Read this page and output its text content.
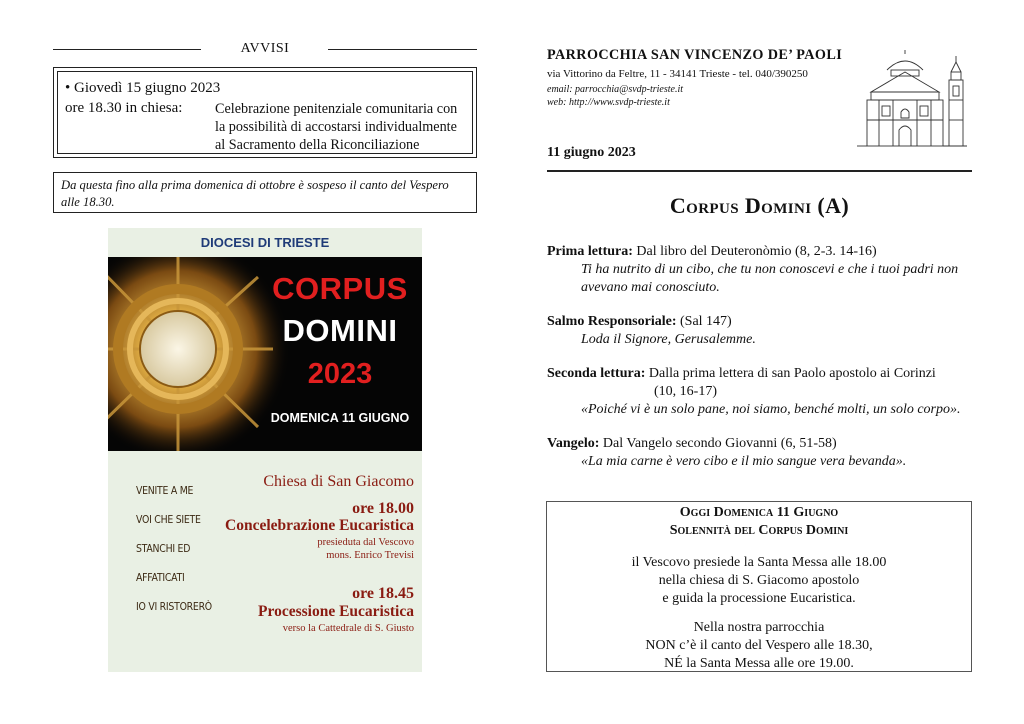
AVVISI
• Giovedì 15 giugno 2023
ore 18.30 in chiesa: Celebrazione penitenziale comunitaria con
la possibilità di accostarsi individualmente
al Sacramento della Riconciliazione
Da questa fino alla prima domenica di ottobre è sospeso il canto del Vespero
alle 18.30.
DIOCESI DI TRIESTE
CORPUS
DOMINI
2023
DOMENICA 11 GIUGNO
VENITE A ME
VOI CHE SIETE
STANCHI ED
AFFATICATI
IO VI RISTORERÒ
Chiesa di San Giacomo
ore 18.00
Concelebrazione Eucaristica
presieduta dal Vescovo
mons. Enrico Trevisi
ore 18.45
Processione Eucaristica
verso la Cattedrale di S. Giusto
PARROCCHIA SAN VINCENZO DE’ PAOLI
via Vittorino da Feltre, 11 - 34141 Trieste - tel. 040/390250
email: parrocchia@svdp-trieste.it
web: http://www.svdp-trieste.it
11 giugno 2023
Corpus Domini (A)
Prima lettura: Dal libro del Deuteronòmio (8, 2-3. 14-16)
Ti ha nutrito di un cibo, che tu non conoscevi e che i tuoi padri non
avevano mai conosciuto.
Salmo Responsoriale: (Sal 147)
Loda il Signore, Gerusalemme.
Seconda lettura: Dalla prima lettera di san Paolo apostolo ai Corinzi
(10, 16-17)
«Poiché vi è un solo pane, noi siamo, benché molti, un solo corpo».
Vangelo: Dal Vangelo secondo Giovanni (6, 51-58)
«La mia carne è vero cibo e il mio sangue vera bevanda».
Oggi Domenica 11 Giugno
Solennità del Corpus Domini
il Vescovo presiede la Santa Messa alle 18.00
nella chiesa di S. Giacomo apostolo
e guida la processione Eucaristica.
Nella nostra parrocchia
NON c’è il canto del Vespero alle 18.30,
NÉ la Santa Messa alle ore 19.00.
